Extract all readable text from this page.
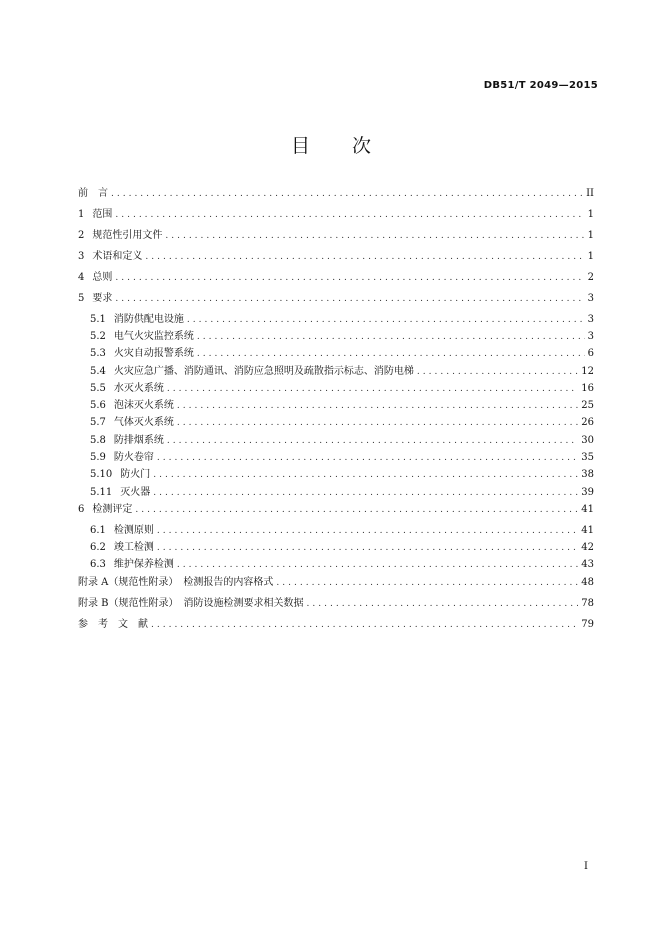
DB51/T 2049—2015
目 次
前　言 .....	II
1 范围 .....	1
2 规范性引用文件 .....	1
3 术语和定义 .....	1
4 总则 .....	2
5 要求 .....	3
5.1 消防供配电设施 .....	3
5.2 电气火灾监控系统 .....	3
5.3 火灾自动报警系统 .....	6
5.4 火灾应急广播、消防通讯、消防应急照明及疏散指示标志、消防电梯 .....	12
5.5 水灭火系统 .....	16
5.6 泡沫灭火系统 .....	25
5.7 气体灭火系统 .....	26
5.8 防排烟系统 .....	30
5.9 防火卷帘 .....	35
5.10 防火门 .....	38
5.11 灭火器 .....	39
6 检测评定 .....	41
6.1 检测原则 .....	41
6.2 竣工检测 .....	42
6.3 维护保养检测 .....	43
附录 A（规范性附录）　检测报告的内容格式 .....	48
附录 B（规范性附录）　消防设施检测要求相关数据 .....	78
参　考　文　献 .....	79
I
